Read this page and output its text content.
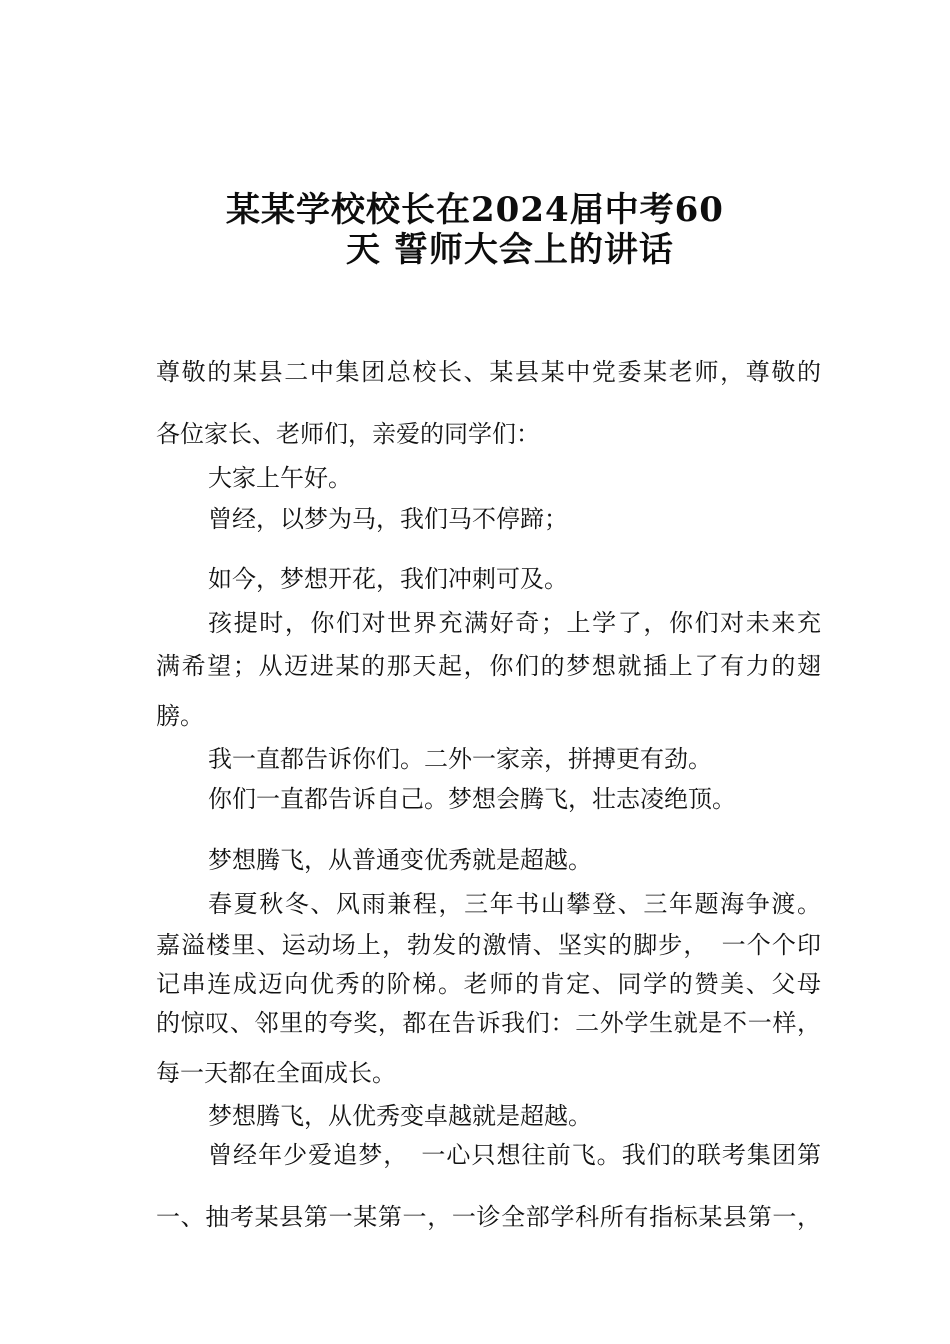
某某学校校长在2024届中考60
天 誓师大会上的讲话
尊敬的某县二中集团总校长、某县某中党委某老师，尊敬的
各位家长、老师们，亲爱的同学们：
大家上午好。
曾经，以梦为马，我们马不停蹄；
如今，梦想开花，我们冲刺可及。
孩提时，你们对世界充满好奇；上学了，你们对未来充
满希望；从迈进某的那天起，你们的梦想就插上了有力的翅
膀。
我一直都告诉你们。二外一家亲，拼搏更有劲。
你们一直都告诉自己。梦想会腾飞，壮志凌绝顶。
梦想腾飞，从普通变优秀就是超越。
春夏秋冬、风雨兼程，三年书山攀登、三年题海争渡。
嘉溢楼里、运动场上，勃发的激情、坚实的脚步，　一个个印
记串连成迈向优秀的阶梯。老师的肯定、同学的赞美、父母
的惊叹、邻里的夸奖，都在告诉我们：二外学生就是不一样，
每一天都在全面成长。
梦想腾飞，从优秀变卓越就是超越。
曾经年少爱追梦，　一心只想往前飞。我们的联考集团第
一、抽考某县第一某第一，一诊全部学科所有指标某县第一，
